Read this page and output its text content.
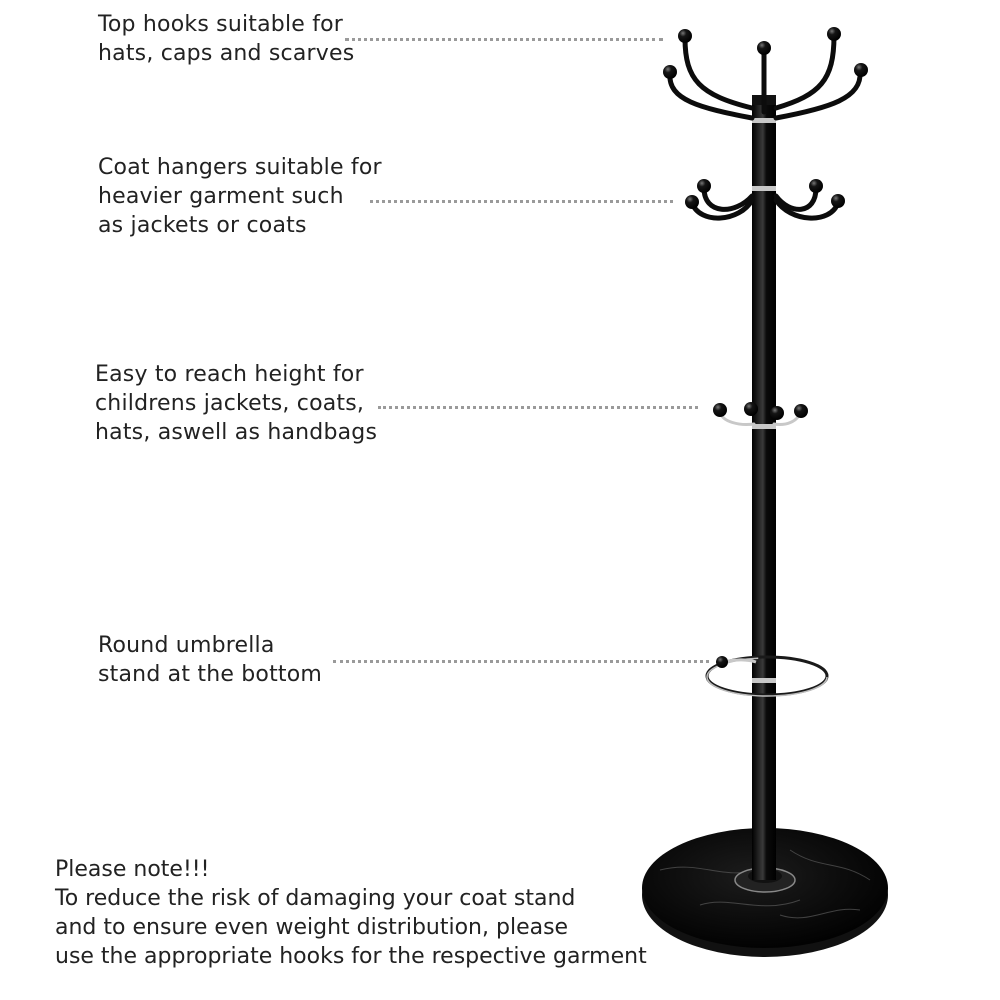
Top hooks suitable for
hats, caps and scarves
Coat hangers suitable for
heavier garment such
as jackets or coats
Easy to reach height for
childrens jackets, coats,
hats, aswell as handbags
Round umbrella
stand at the bottom
Please note!!!
To reduce the risk of damaging your coat stand
and to ensure even weight distribution, please
use the appropriate hooks for the respective garment
